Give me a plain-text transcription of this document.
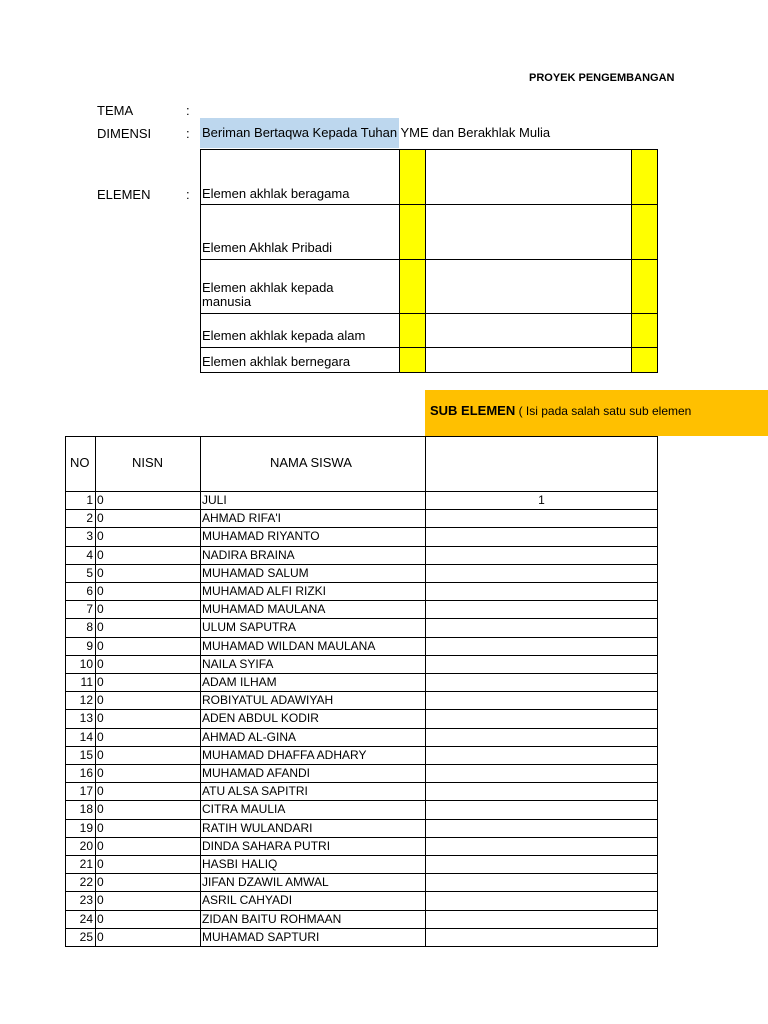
PROYEK PENGEMBANGAN
TEMA	:
DIMENSI	: Beriman Bertaqwa Kepada Tuhan YME dan Berakhlak Mulia
ELEMEN	: Elemen akhlak beragama
Elemen Akhlak Pribadi
Elemen akhlak kepada manusia
Elemen akhlak kepada alam
Elemen akhlak bernegara
SUB ELEMEN ( Isi pada salah satu sub elemen
NO	NISN	NAMA SISWA
1 0	JULI	1
2 0	AHMAD RIFA'I
3 0	MUHAMAD RIYANTO
4 0	NADIRA BRAINA
5 0	MUHAMAD SALUM
6 0	MUHAMAD ALFI RIZKI
7 0	MUHAMAD MAULANA
8 0	ULUM SAPUTRA
9 0	MUHAMAD WILDAN MAULANA
10 0	NAILA SYIFA
11 0	ADAM ILHAM
12 0	ROBIYATUL ADAWIYAH
13 0	ADEN ABDUL KODIR
14 0	AHMAD AL-GINA
15 0	MUHAMAD DHAFFA ADHARY
16 0	MUHAMAD AFANDI
17 0	ATU ALSA SAPITRI
18 0	CITRA MAULIA
19 0	RATIH WULANDARI
20 0	DINDA SAHARA PUTRI
21 0	HASBI HALIQ
22 0	JIFAN DZAWIL AMWAL
23 0	ASRIL CAHYADI
24 0	ZIDAN BAITU ROHMAAN
25 0	MUHAMAD SAPTURI
